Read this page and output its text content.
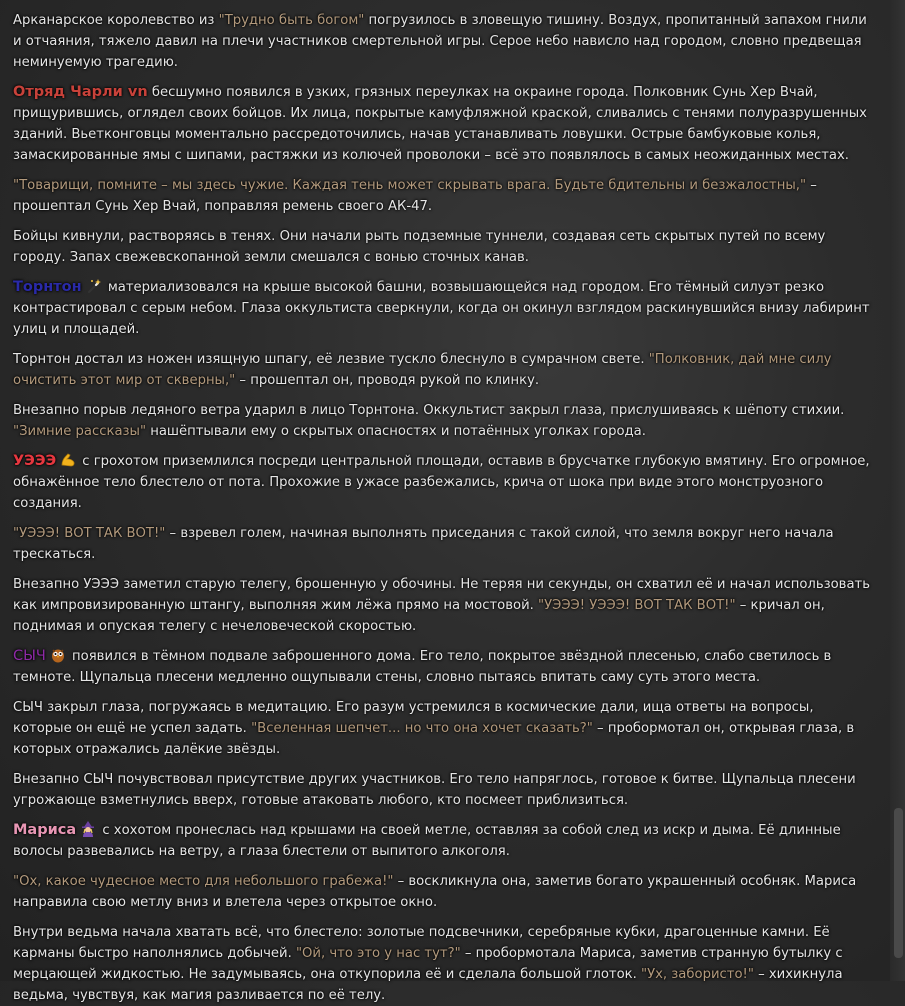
Арканарское королевство из "Трудно быть богом" погрузилось в зловещую тишину. Воздух, пропитанный запахом гнили и отчаяния, тяжело давил на плечи участников смертельной игры. Серое небо нависло над городом, словно предвещая неминуемую трагедию.

Отряд Чарли vn бесшумно появился в узких, грязных переулках на окраине города. Полковник Сунь Хер Вчай, прищурившись, оглядел своих бойцов. Их лица, покрытые камуфляжной краской, сливались с тенями полуразрушенных зданий. Вьетконговцы моментально рассредоточились, начав устанавливать ловушки. Острые бамбуковые колья, замаскированные ямы с шипами, растяжки из колючей проволоки – всё это появлялось в самых неожиданных местах.

"Товарищи, помните – мы здесь чужие. Каждая тень может скрывать врага. Будьте бдительны и безжалостны," – прошептал Сунь Хер Вчай, поправляя ремень своего АК-47.

Бойцы кивнули, растворяясь в тенях. Они начали рыть подземные туннели, создавая сеть скрытых путей по всему городу. Запах свежевскопанной земли смешался с вонью сточных канав.

Торнтон материализовался на крыше высокой башни, возвышающейся над городом. Его тёмный силуэт резко контрастировал с серым небом. Глаза оккультиста сверкнули, когда он окинул взглядом раскинувшийся внизу лабиринт улиц и площадей.

Торнтон достал из ножен изящную шпагу, её лезвие тускло блеснуло в сумрачном свете. "Полковник, дай мне силу очистить этот мир от скверны," – прошептал он, проводя рукой по клинку.

Внезапно порыв ледяного ветра ударил в лицо Торнтона. Оккультист закрыл глаза, прислушиваясь к шёпоту стихии. "Зимние рассказы" нашёптывали ему о скрытых опасностях и потаённых уголках города.

УЭЭЭ с грохотом приземлился посреди центральной площади, оставив в брусчатке глубокую вмятину. Его огромное, обнажённое тело блестело от пота. Прохожие в ужасе разбежались, крича от шока при виде этого монструозного создания.

"УЭЭЭ! ВОТ ТАК ВОТ!" – взревел голем, начиная выполнять приседания с такой силой, что земля вокруг него начала трескаться.

Внезапно УЭЭЭ заметил старую телегу, брошенную у обочины. Не теряя ни секунды, он схватил её и начал использовать как импровизированную штангу, выполняя жим лёжа прямо на мостовой. "УЭЭЭ! УЭЭЭ! ВОТ ТАК ВОТ!" – кричал он, поднимая и опуская телегу с нечеловеческой скоростью.

СЫЧ появился в тёмном подвале заброшенного дома. Его тело, покрытое звёздной плесенью, слабо светилось в темноте. Щупальца плесени медленно ощупывали стены, словно пытаясь впитать саму суть этого места.

СЫЧ закрыл глаза, погружаясь в медитацию. Его разум устремился в космические дали, ища ответы на вопросы, которые он ещё не успел задать. "Вселенная шепчет... но что она хочет сказать?" – пробормотал он, открывая глаза, в которых отражались далёкие звёзды.

Внезапно СЫЧ почувствовал присутствие других участников. Его тело напряглось, готовое к битве. Щупальца плесени угрожающе взметнулись вверх, готовые атаковать любого, кто посмеет приблизиться.

Мариса с хохотом пронеслась над крышами на своей метле, оставляя за собой след из искр и дыма. Её длинные волосы развевались на ветру, а глаза блестели от выпитого алкоголя.

"Ох, какое чудесное место для небольшого грабежа!" – воскликнула она, заметив богато украшенный особняк. Мариса направила свою метлу вниз и влетела через открытое окно.

Внутри ведьма начала хватать всё, что блестело: золотые подсвечники, серебряные кубки, драгоценные камни. Её карманы быстро наполнялись добычей. "Ой, что это у нас тут?" – пробормотала Мариса, заметив странную бутылку с мерцающей жидкостью. Не задумываясь, она откупорила её и сделала большой глоток. "Ух, забористо!" – хихикнула ведьма, чувствуя, как магия разливается по её телу.
